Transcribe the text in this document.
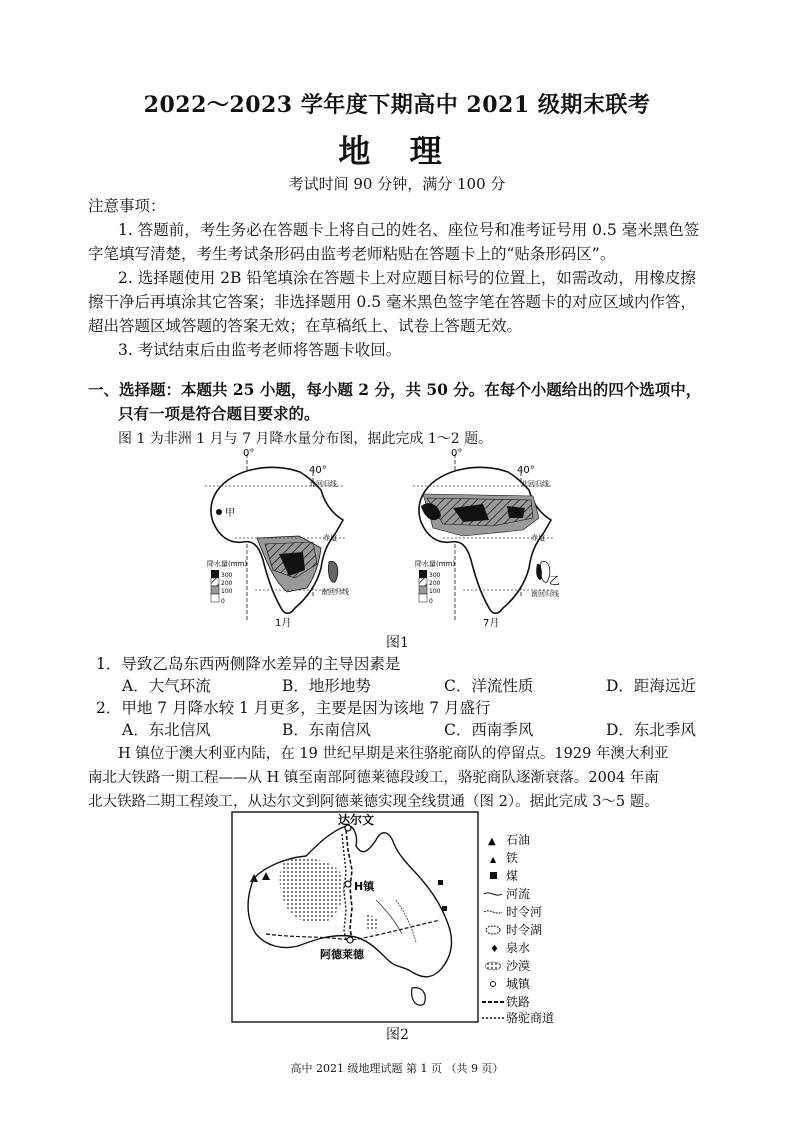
2022～2023 学年度下期高中 2021 级期末联考
地 理
考试时间 90 分钟，满分 100 分
注意事项：
1. 答题前，考生务必在答题卡上将自己的姓名、座位号和准考证号用 0.5 毫米黑色签
字笔填写清楚，考生考试条形码由监考老师粘贴在答题卡上的“贴条形码区”。
2. 选择题使用 2B 铅笔填涂在答题卡上对应题目标号的位置上，如需改动，用橡皮擦
擦干净后再填涂其它答案；非选择题用 0.5 毫米黑色签字笔在答题卡的对应区域内作答，
超出答题区域答题的答案无效；在草稿纸上、试卷上答题无效。
3. 考试结束后由监考老师将答题卡收回。
一、选择题：本题共 25 小题，每小题 2 分，共 50 分。在每个小题给出的四个选项中，
只有一项是符合题目要求的。
图 1 为非洲 1 月与 7 月降水量分布图，据此完成 1～2 题。
甲
0°
40°
北回归线
赤道
南回归线
降水量(mm)
300
200
100
0
1月
乙
0°
40°
北回归线
赤道
南回归线
降水量(mm)
300
200
100
0
7月
图1
1．导致乙岛东西两侧降水差异的主导因素是
A．大气环流	B．地形地势	C．洋流性质	D．距海远近
2．甲地 7 月降水较 1 月更多，主要是因为该地 7 月盛行
A．东北信风	B．东南信风	C．西南季风	D．东北季风
H 镇位于澳大利亚内陆，在 19 世纪早期是来往骆驼商队的停留点。1929 年澳大利亚
南北大铁路一期工程——从 H 镇至南部阿德莱德段竣工，骆驼商队逐渐衰落。2004 年南
北大铁路二期工程竣工，从达尔文到阿德莱德实现全线贯通（图 2）。据此完成 3～5 题。
达尔文
H镇
阿德莱德
▲ 石油
▲ 铁
煤
河流
时令河
时令湖
♦ 泉水
沙漠
城镇
铁路
骆驼商道
图2
高中 2021 级地理试题 第 1 页 （共 9 页）
